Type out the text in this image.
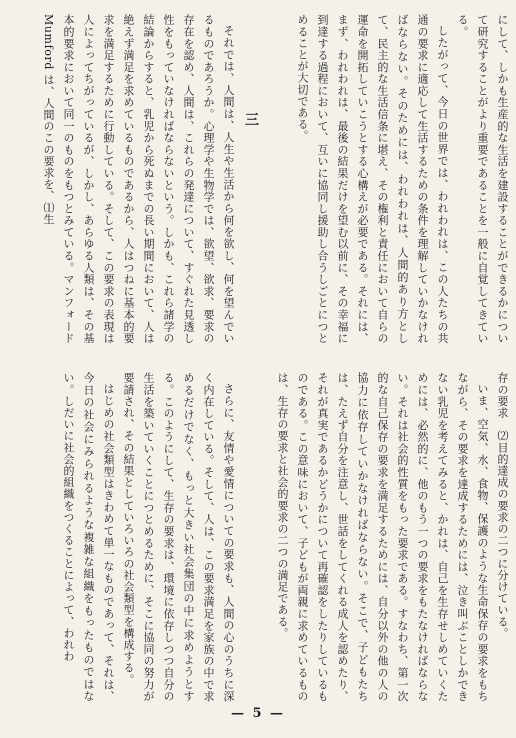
にして、しかも生産的な生活を建設することができるかについて研究することがより重要であることを一般に自覚してきている。

したがって、今日の世界では、われわれは、この人たちの共通の要求に適応して生活するための条件を理解していかなければならない。そのためには、われわれは、人間的あり方として、民主的な生活信条に堪え、その権利と責任において自らの運命を開拓していこうとする心構えが必要である。それには、まず、われわれは、最後の結果だけを望む以前に、その幸福に到達する過程において、互いに協同し援助し合うしごとにつとめることが大切である。

三

それでは、人間は、人生や生活から何を欲し、何を望んでいるものであろうか。心理学や生物学では、欲望、欲求、要求の存在を認め、人間は、これらの発達について、すぐれた見透し性をもっていなければならないという。しかも、これら諸学の結論からすると、乳児から死ぬまでの長い期間において、人は絶えず満足を求めているものであるから、人はつねに基本的要求を満足するために行動している。そして、この要求の表現は人によってちがっているが、しかし、あらゆる人類は、その基本的要求において同一のものをもつとみている。マンフォード Mumford は、人間のこの要求を、⑴生

存の要求　⑵目的達成の要求の二つに分けている。

いま、空気、水、食物、保護のような生命保存の要求をもちながら、その要求を達成するためには、泣き叫ぶことしかできない乳児を考えてみると、かれは、自己を生存せしめていくためには、必然的に、他のもう一つの要求をもたなければならない。それは社会的性質をもった要求である。すなわち、第一次的な自己保存の要求を満足するためには、自分以外の他の人の協力に依存していかなければならない。そこで、子どもたちは、たえず自分を注意し、世話をしてくれる成人を認めたり、それが真実であるかどうかについて再確認をしたりしているものである。この意味において、子どもが両親に求めているものは、生存の要求と社会的要求の二つの満足である。

さらに、友情や愛情についての要求も、人間の心のうちに深く内在している。そして、人は、この要求満足を家族の中で求めるだけでなく、もっと大きい社会集団の中に求めようとする。このようにして、生存の要求は、環境に依存しつつ自分の生活を築いていくことにつとめるために、そこに協同の努力が要請され、その結果としていろいろの社会類型を構成する。

はじめの社会類型はきわめて単一なものであって、それは、今日の社会にみられるような複雑な組織をもったものではない。しだいに社会的組織をつくることによって、われわ

— 5 —
